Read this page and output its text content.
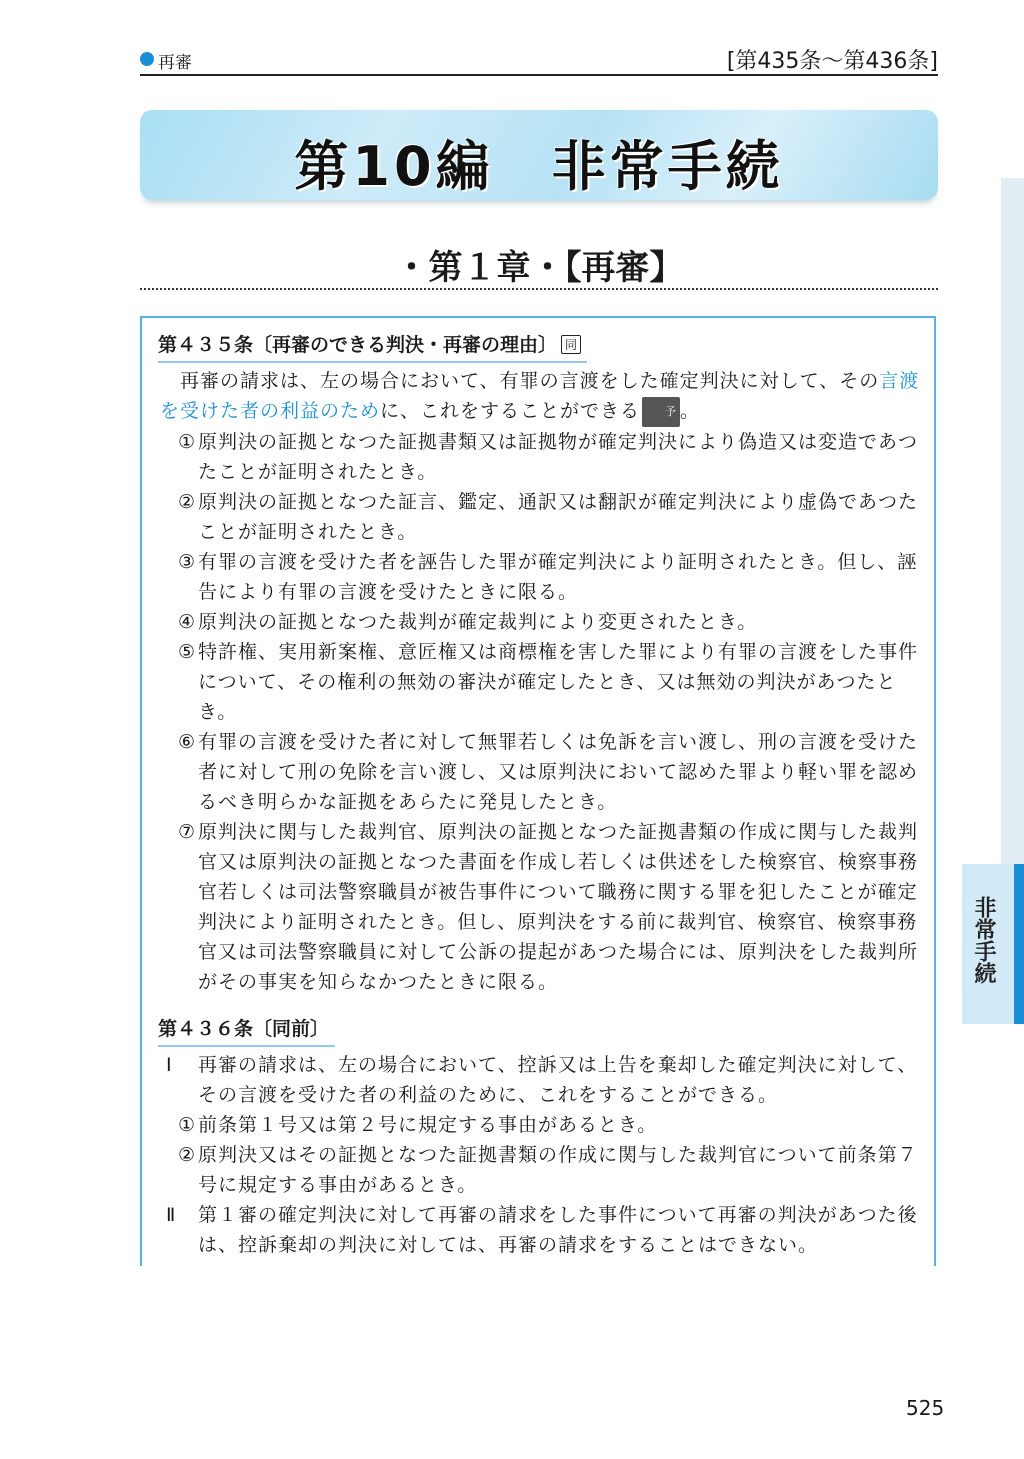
再審	[第435条〜第436条]
第10編　非常手続
・第１章・【再審】
第４３５条〔再審のできる判決・再審の理由〕 同

再審の請求は、左の場合において、有罪の言渡をした確定判決に対して、その言渡を受けた者の利益のために、これをすることができる 予 。

① 原判決の証拠となつた証拠書類又は証拠物が確定判決により偽造又は変造であつたことが証明されたとき。

② 原判決の証拠となつた証言、鑑定、通訳又は翻訳が確定判決により虚偽であつたことが証明されたとき。

③ 有罪の言渡を受けた者を誣告した罪が確定判決により証明されたとき。但し、誣告により有罪の言渡を受けたときに限る。

④ 原判決の証拠となつた裁判が確定裁判により変更されたとき。

⑤ 特許権、実用新案権、意匠権又は商標権を害した罪により有罪の言渡をした事件について、その権利の無効の審決が確定したとき、又は無効の判決があつたとき。

⑥ 有罪の言渡を受けた者に対して無罪若しくは免訴を言い渡し、刑の言渡を受けた者に対して刑の免除を言い渡し、又は原判決において認めた罪より軽い罪を認めるべき明らかな証拠をあらたに発見したとき。

⑦ 原判決に関与した裁判官、原判決の証拠となつた証拠書類の作成に関与した裁判官又は原判決の証拠となつた書面を作成し若しくは供述をした検察官、検察事務官若しくは司法警察職員が被告事件について職務に関する罪を犯したことが確定判決により証明されたとき。但し、原判決をする前に裁判官、検察官、検察事務官又は司法警察職員に対して公訴の提起があつた場合には、原判決をした裁判所がその事実を知らなかつたときに限る。

第４３６条〔同前〕

Ⅰ 再審の請求は、左の場合において、控訴又は上告を棄却した確定判決に対して、その言渡を受けた者の利益のために、これをすることができる。

① 前条第１号又は第２号に規定する事由があるとき。

② 原判決又はその証拠となつた証拠書類の作成に関与した裁判官について前条第７号に規定する事由があるとき。

Ⅱ 第１審の確定判決に対して再審の請求をした事件について再審の判決があつた後は、控訴棄却の判決に対しては、再審の請求をすることはできない。

非常手続
525
